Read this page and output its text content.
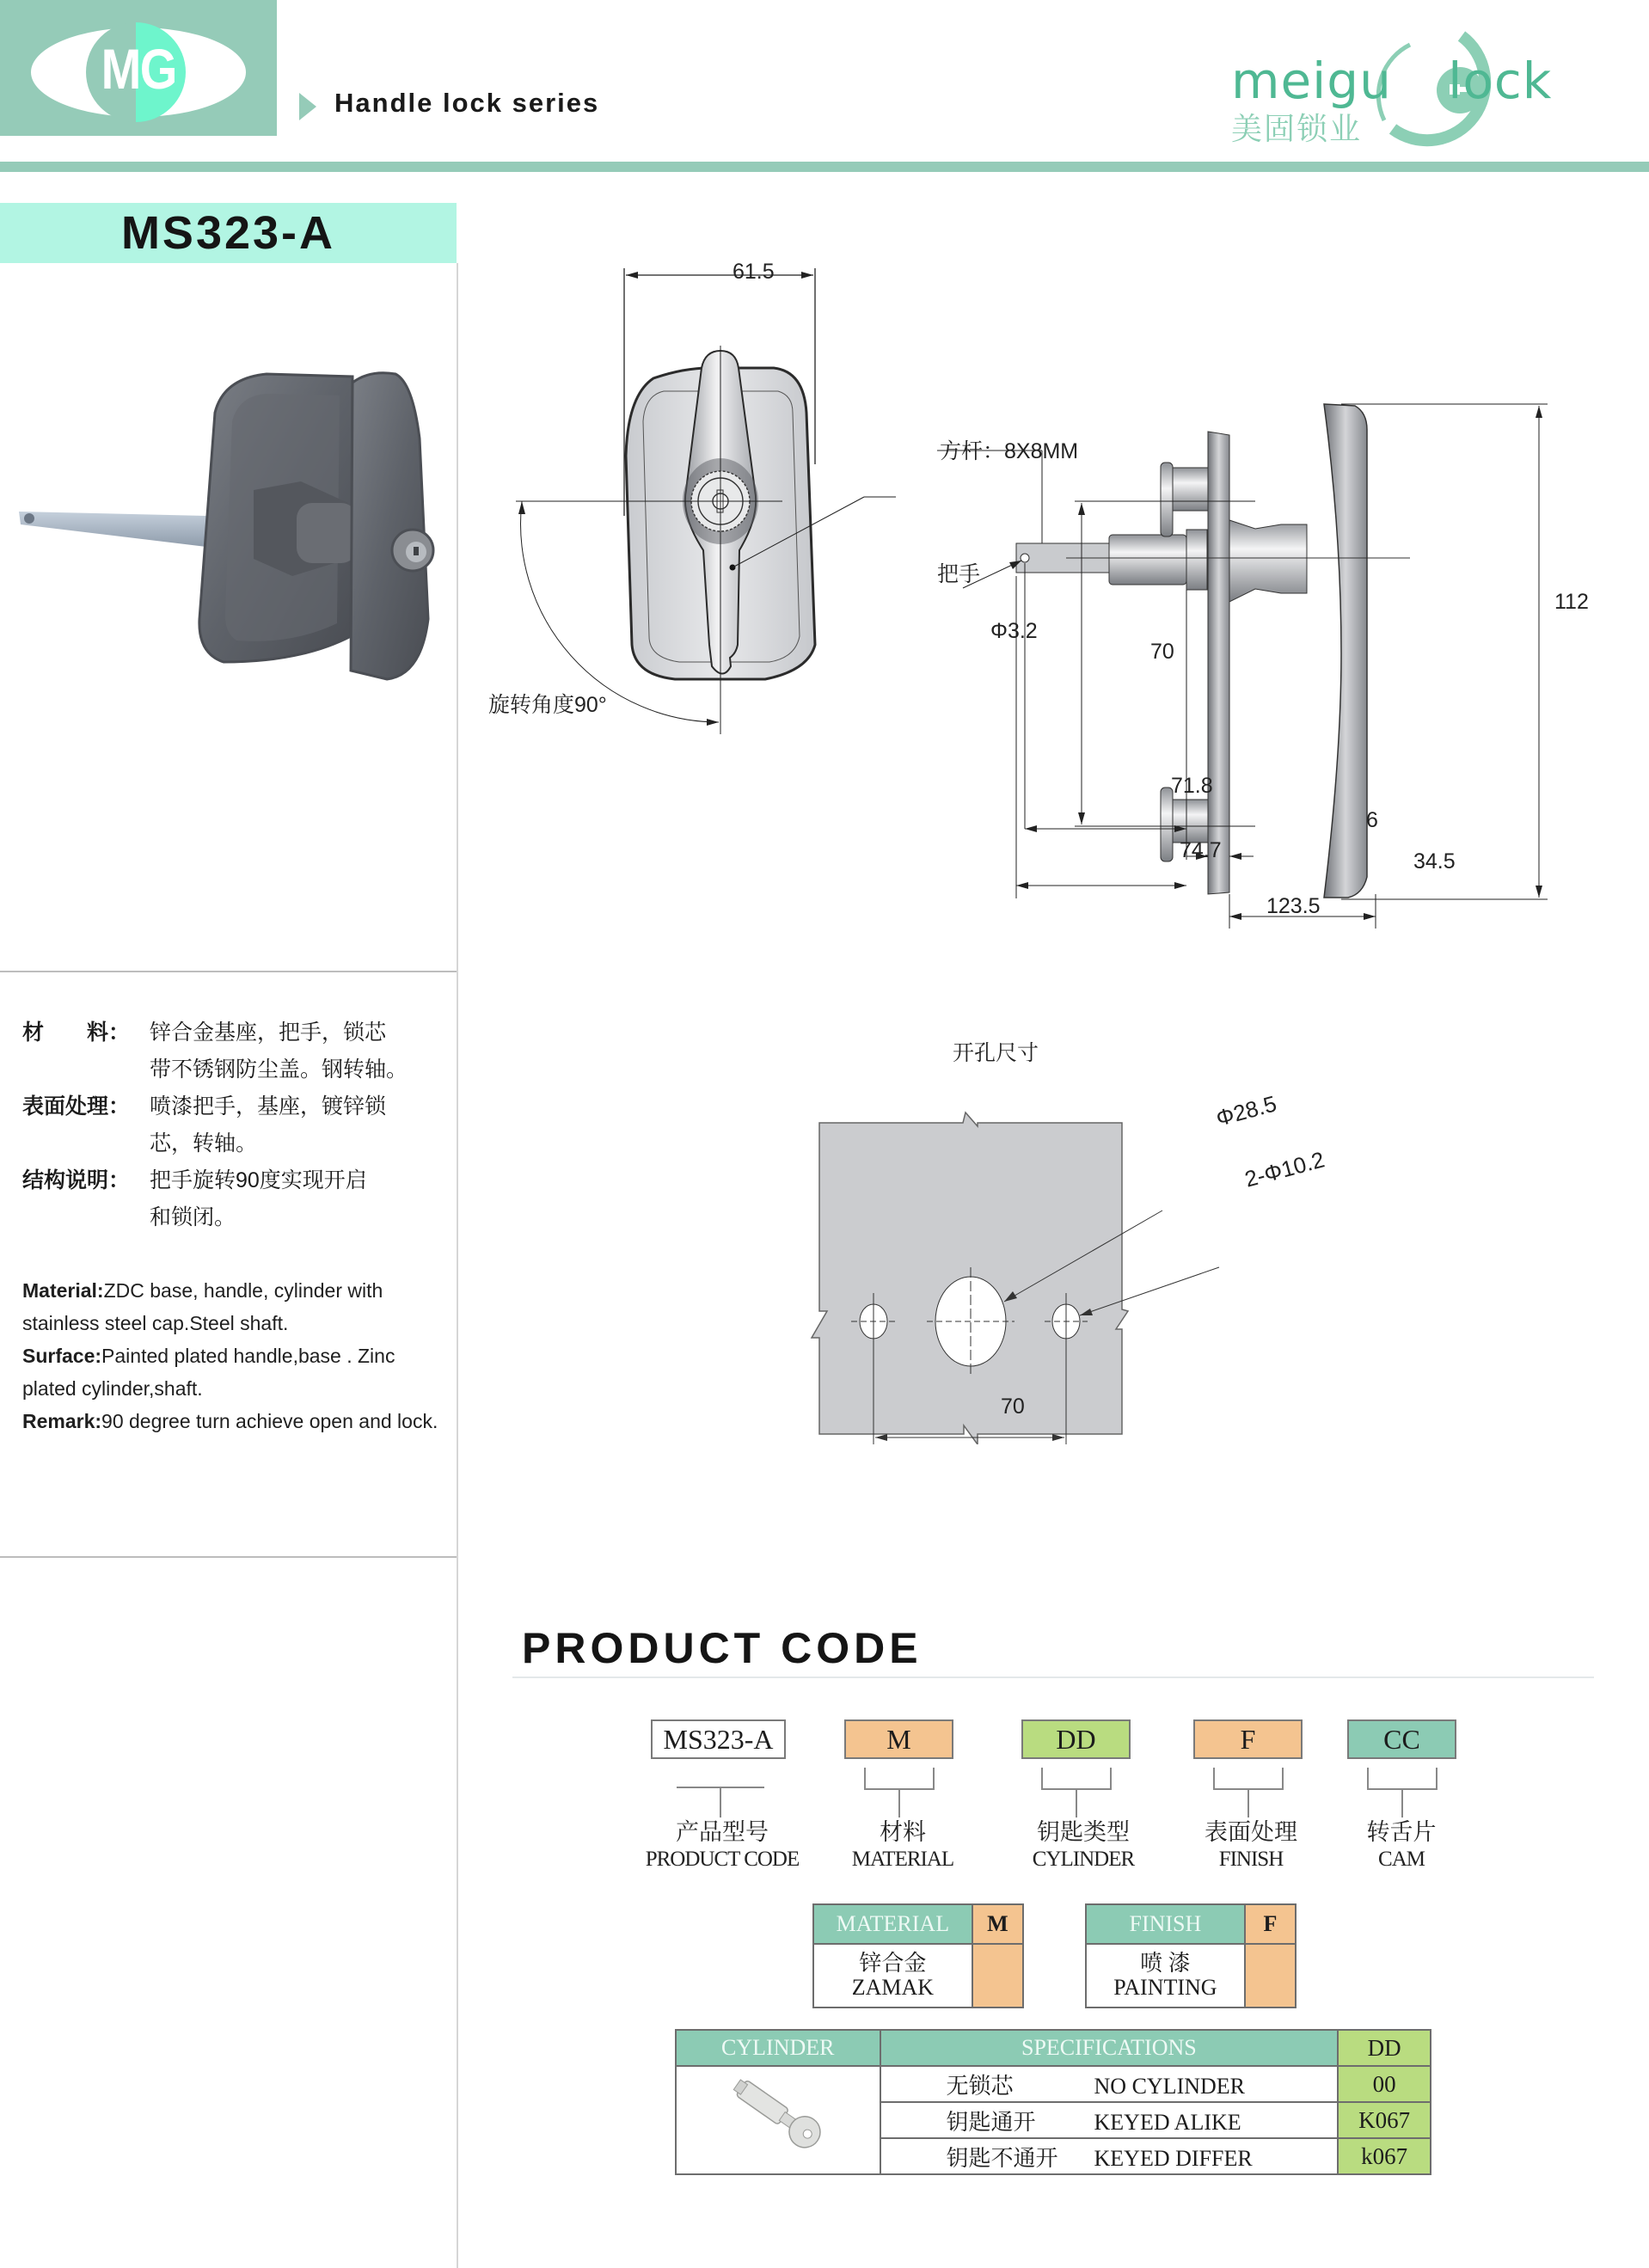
MG
Handle lock series	meigu lock
美固锁业
MS323-A
材　　料： 锌合金基座，把手，锁芯
带不锈钢防尘盖。钢转轴。
表面处理： 喷漆把手，基座，镀锌锁
芯，转轴。
结构说明： 把手旋转90度实现开启
和锁闭。
Material:ZDC base, handle, cylinder with stainless steel cap.Steel shaft.
Surface:Painted plated handle,base . Zinc plated cylinder,shaft.
Remark:90 degree turn achieve open and lock.
61.5
旋转角度90°
把手
方杆：8X8MM
Φ3.2
70
112
71.8
6
74.7	34.5
123.5
开孔尺寸
Φ28.5
2-Φ10.2
70
PRODUCT CODE
MS323-A
产品型号
PRODUCT CODE
M
材料
MATERIAL
DD
钥匙类型
CYLINDER
F
表面处理
FINISH
CC
转舌片
CAM
MATERIAL	M

锌合金
ZAMAK	

FINISH	F

喷 漆
PAINTING	

CYLINDER	SPECIFICATIONS	DD
	无锁芯 NO CYLINDER	00
	钥匙通开 KEYED ALIKE	K067
	钥匙不通开 KEYED DIFFER	k067
